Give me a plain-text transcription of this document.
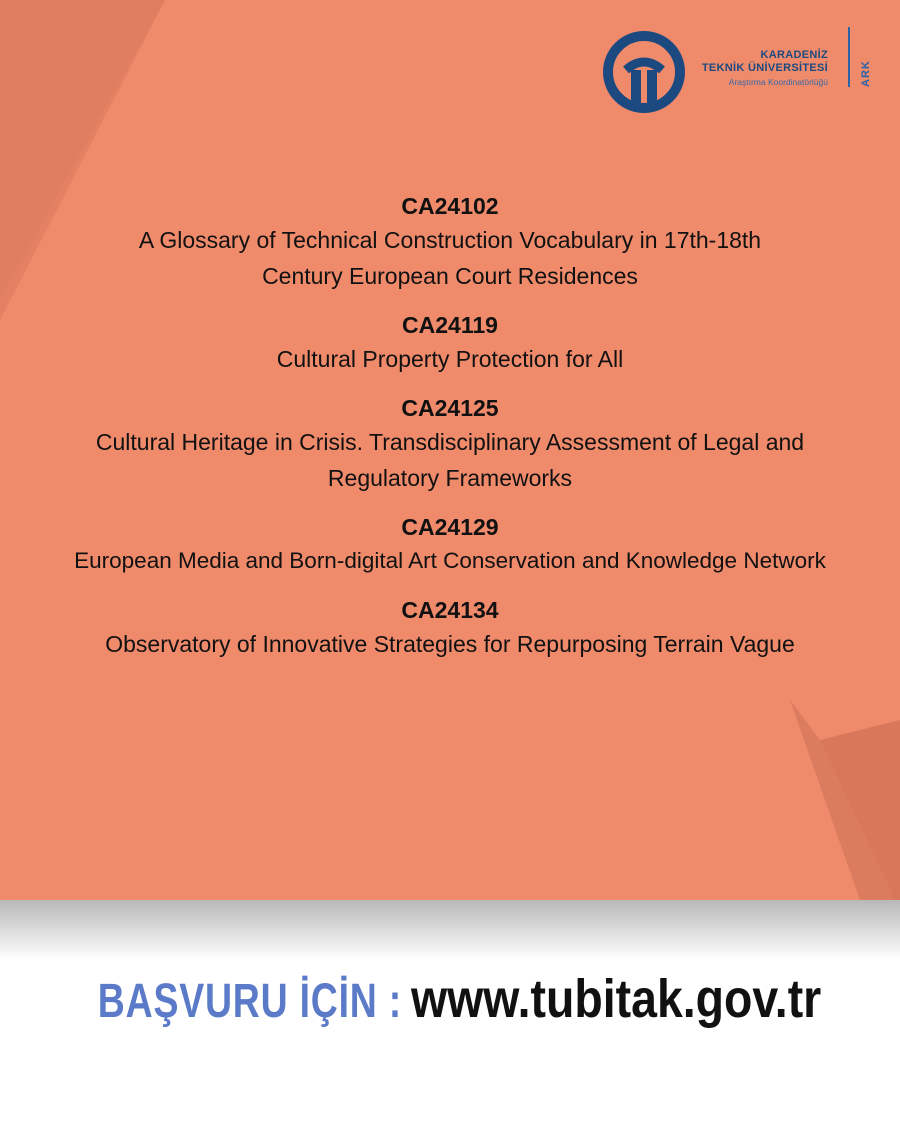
KARADENİZ
TEKNİK ÜNİVERSİTESİ
Araştırma Koordinatörlüğü	ARK
CA24102
A Glossary of Technical Construction Vocabulary in 17th-18th
Century European Court Residences
CA24119
Cultural Property Protection for All
CA24125
Cultural Heritage in Crisis. Transdisciplinary Assessment of Legal and
Regulatory Frameworks
CA24129
European Media and Born-digital Art Conservation and Knowledge Network
CA24134
Observatory of Innovative Strategies for Repurposing Terrain Vague
BAŞVURU İÇİN : www.tubitak.gov.tr
